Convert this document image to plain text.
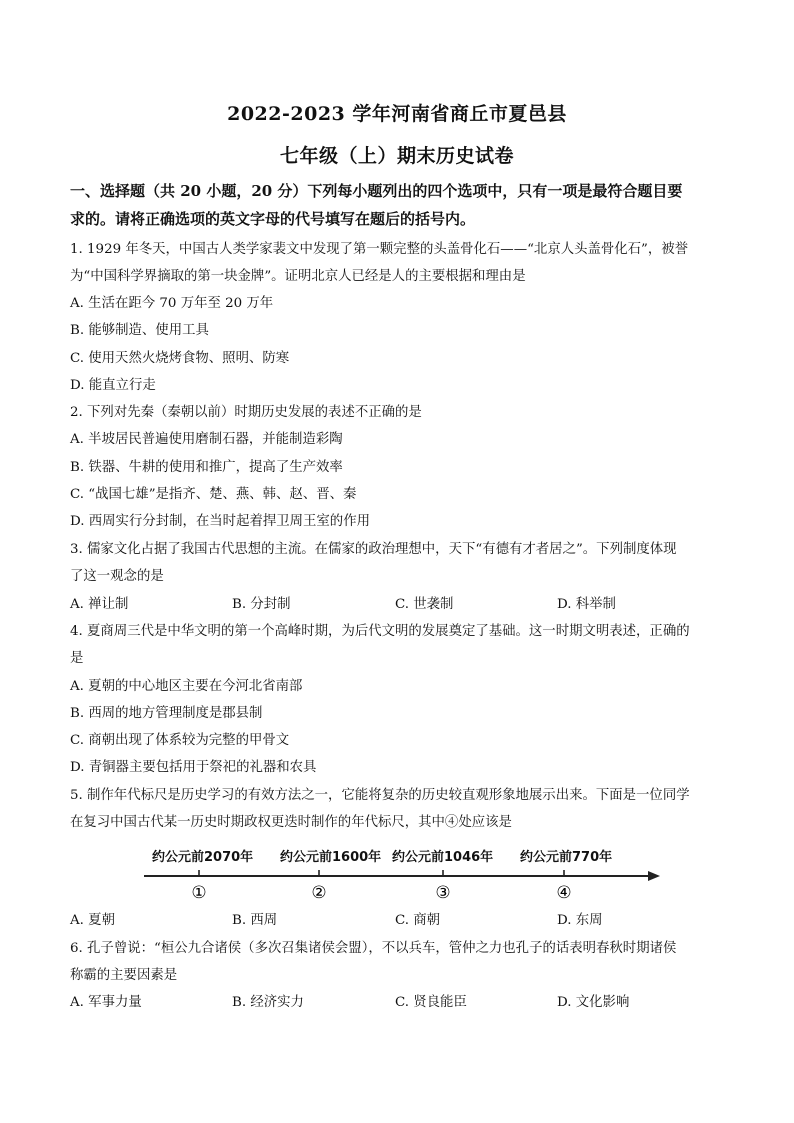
2022-2023 学年河南省商丘市夏邑县
七年级（上）期末历史试卷
一、选择题（共 20 小题，20 分）下列每小题列出的四个选项中，只有一项是最符合题目要
求的。请将正确选项的英文字母的代号填写在题后的括号内。
1. 1929 年冬天，中国古人类学家裴文中发现了第一颗完整的头盖骨化石——“北京人头盖骨化石”，被誉
为“中国科学界摘取的第一块金牌”。证明北京人已经是人的主要根据和理由是
A. 生活在距今 70 万年至 20 万年
B. 能够制造、使用工具
C. 使用天然火烧烤食物、照明、防寒
D. 能直立行走
2. 下列对先秦（秦朝以前）时期历史发展的表述不正确的是
A. 半坡居民普遍使用磨制石器，并能制造彩陶
B. 铁器、牛耕的使用和推广，提高了生产效率
C. “战国七雄”是指齐、楚、燕、韩、赵、晋、秦
D. 西周实行分封制，在当时起着捍卫周王室的作用
3. 儒家文化占据了我国古代思想的主流。在儒家的政治理想中，天下“有德有才者居之”。下列制度体现
了这一观念的是
A. 禅让制	B. 分封制	C. 世袭制	D. 科举制
4. 夏商周三代是中华文明的第一个高峰时期，为后代文明的发展奠定了基础。这一时期文明表述，正确的
是
A. 夏朝的中心地区主要在今河北省南部
B. 西周的地方管理制度是郡县制
C. 商朝出现了体系较为完整的甲骨文
D. 青铜器主要包括用于祭祀的礼器和农具
5. 制作年代标尺是历史学习的有效方法之一，它能将复杂的历史较直观形象地展示出来。下面是一位同学
在复习中国古代某一历史时期政权更迭时制作的年代标尺，其中④处应该是
约公元前2070年 约公元前1600年 约公元前1046年 约公元前770年
①	②	③	④
A. 夏朝	B. 西周	C. 商朝	D. 东周
6. 孔子曾说：“桓公九合诸侯（多次召集诸侯会盟），不以兵车，管仲之力也孔子的话表明春秋时期诸侯
称霸的主要因素是
A. 军事力量	B. 经济实力	C. 贤良能臣	D. 文化影响
